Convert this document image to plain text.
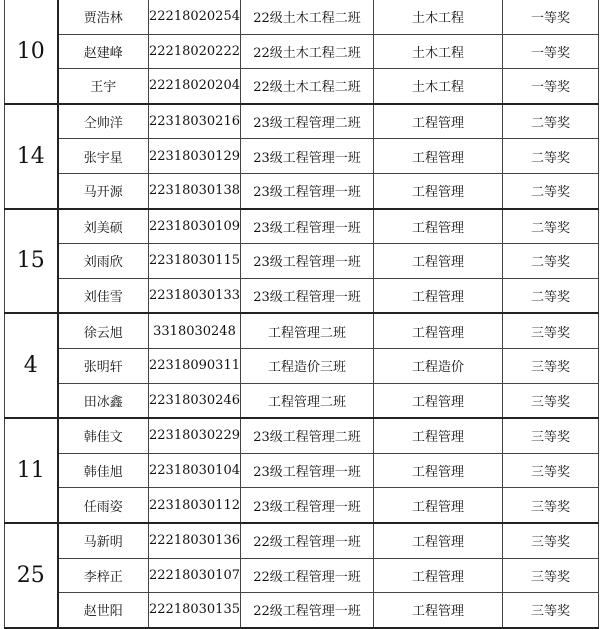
10	贾浩林	22218020254	22级土木工程二班	土木工程	一等奖
	赵建峰	22218020222	22级土木工程二班	土木工程	一等奖
	王宇	22218020204	22级土木工程二班	土木工程	一等奖
14	仝帅洋	22318030216	23级工程管理二班	工程管理	二等奖
	张宇星	22318030129	23级工程管理一班	工程管理	二等奖
	马开源	22318030138	23级工程管理一班	工程管理	二等奖
15	刘美硕	22318030109	23级工程管理一班	工程管理	二等奖
	刘雨欣	22318030115	23级工程管理一班	工程管理	二等奖
	刘佳雪	22318030133	23级工程管理一班	工程管理	二等奖
4	徐云旭	3318030248	工程管理二班	工程管理	三等奖
	张明轩	22318090311	工程造价三班	工程造价	三等奖
	田冰鑫	22318030246	工程管理二班	工程管理	三等奖
11	韩佳文	22318030229	23级工程管理二班	工程管理	三等奖
	韩佳旭	22318030104	23级工程管理一班	工程管理	三等奖
	任雨姿	22318030112	23级工程管理一班	工程管理	三等奖
25	马新明	22218030136	22级工程管理一班	工程管理	三等奖
	李梓正	22218030107	22级工程管理一班	工程管理	三等奖
	赵世阳	22218030135	22级工程管理一班	工程管理	三等奖
